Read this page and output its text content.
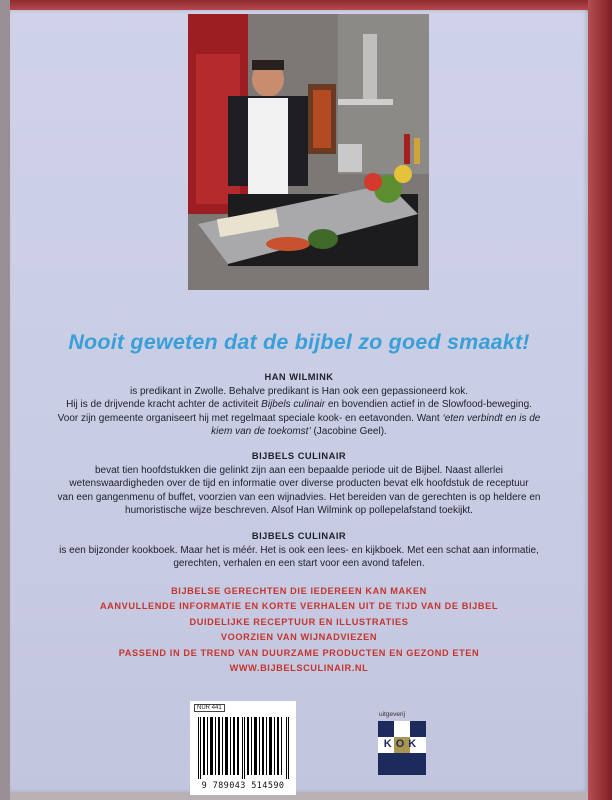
Nooit geweten dat de bijbel zo goed smaakt!
HAN WILMINK
is predikant in Zwolle. Behalve predikant is Han ook een gepassioneerd kok.
Hij is de drijvende kracht achter de activiteit Bijbels culinair en bovendien actief in de Slowfood-beweging.
Voor zijn gemeente organiseert hij met regelmaat speciale kook- en eetavonden. Want ‘eten verbindt en is de
kiem van de toekomst’ (Jacobine Geel).
BIJBELS CULINAIR
bevat tien hoofdstukken die gelinkt zijn aan een bepaalde periode uit de Bijbel. Naast allerlei
wetenswaardigheden over de tijd en informatie over diverse producten bevat elk hoofdstuk de receptuur
van een gangenmenu of buffet, voorzien van een wijnadvies. Het bereiden van de gerechten is op heldere en
humoristische wijze beschreven. Alsof Han Wilmink op pollepelafstand toekijkt.
BIJBELS CULINAIR
is een bijzonder kookboek. Maar het is méér. Het is ook een lees- en kijkboek. Met een schat aan informatie,
gerechten, verhalen en een start voor een avond tafelen.
BIJBELSE GERECHTEN DIE IEDEREEN KAN MAKEN
AANVULLENDE INFORMATIE EN KORTE VERHALEN UIT DE TIJD VAN DE BIJBEL
DUIDELIJKE RECEPTUUR EN ILLUSTRATIES
VOORZIEN VAN WIJNADVIEZEN
PASSEND IN DE TREND VAN DUURZAME PRODUCTEN EN GEZOND ETEN
WWW.BIJBELSCULINAIR.NL
NUR 441
9 789043 514590
uitgeverij
KOK
